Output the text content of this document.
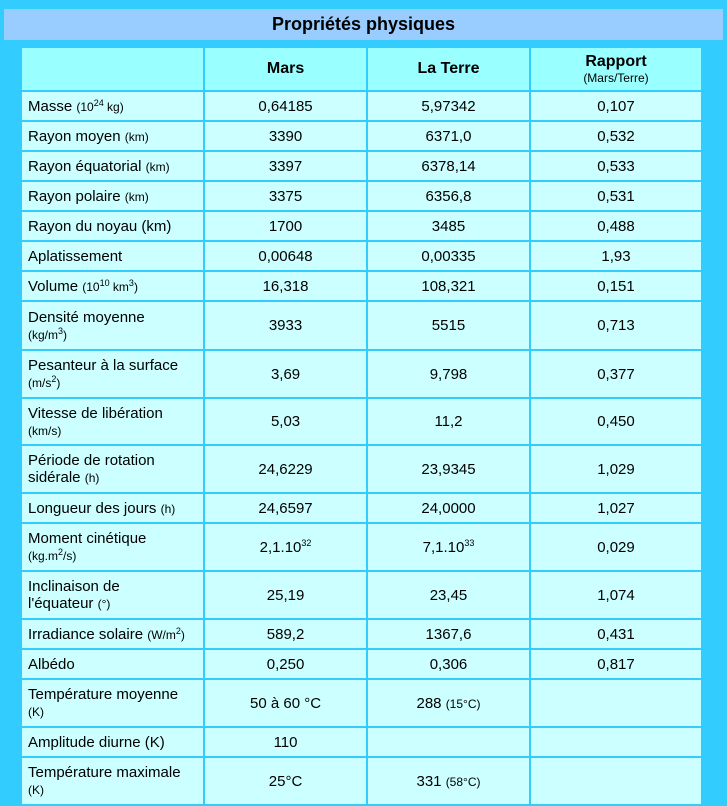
Propriétés physiques
	Mars	La Terre	Rapport
(Mars/Terre)

Masse ($10^{24}$ kg)	0,64185	5,97342	0,107
Rayon moyen (km)	3390	6371,0	0,532
Rayon équatorial (km)	3397	6378,14	0,533
Rayon polaire (km)	3375	6356,8	0,531
Rayon du noyau (km)	1700	3485	0,488
Aplatissement	0,00648	0,00335	1,93
Volume ($10^{10}$ $km^3$)	16,318	108,321	0,151
Densité moyenne
$(kg/m^3)$	3933	5515	0,713
Pesanteur à la surface
$(m/s^2)$	3,69	9,798	0,377
Vitesse de libération
(km/s)	5,03	11,2	0,450
Période de rotation
sidérale (h)	24,6229	23,9345	1,029
Longueur des jours (h)	24,6597	24,0000	1,027
Moment cinétique
$(kg.m^2/s)$	2,1.10$^{32}$	7,1.10$^{33}$	0,029
Inclinaison de
l'équateur (°)	25,19	23,45	1,074
Irradiance solaire $(W/m^2)$	589,2	1367,6	0,431
Albédo	0,250	0,306	0,817
Température moyenne
(K)	50 à 60 °C	288 (15°C)	
Amplitude diurne (K)	110		
Température maximale
(K)	25°C	331 (58°C)	
